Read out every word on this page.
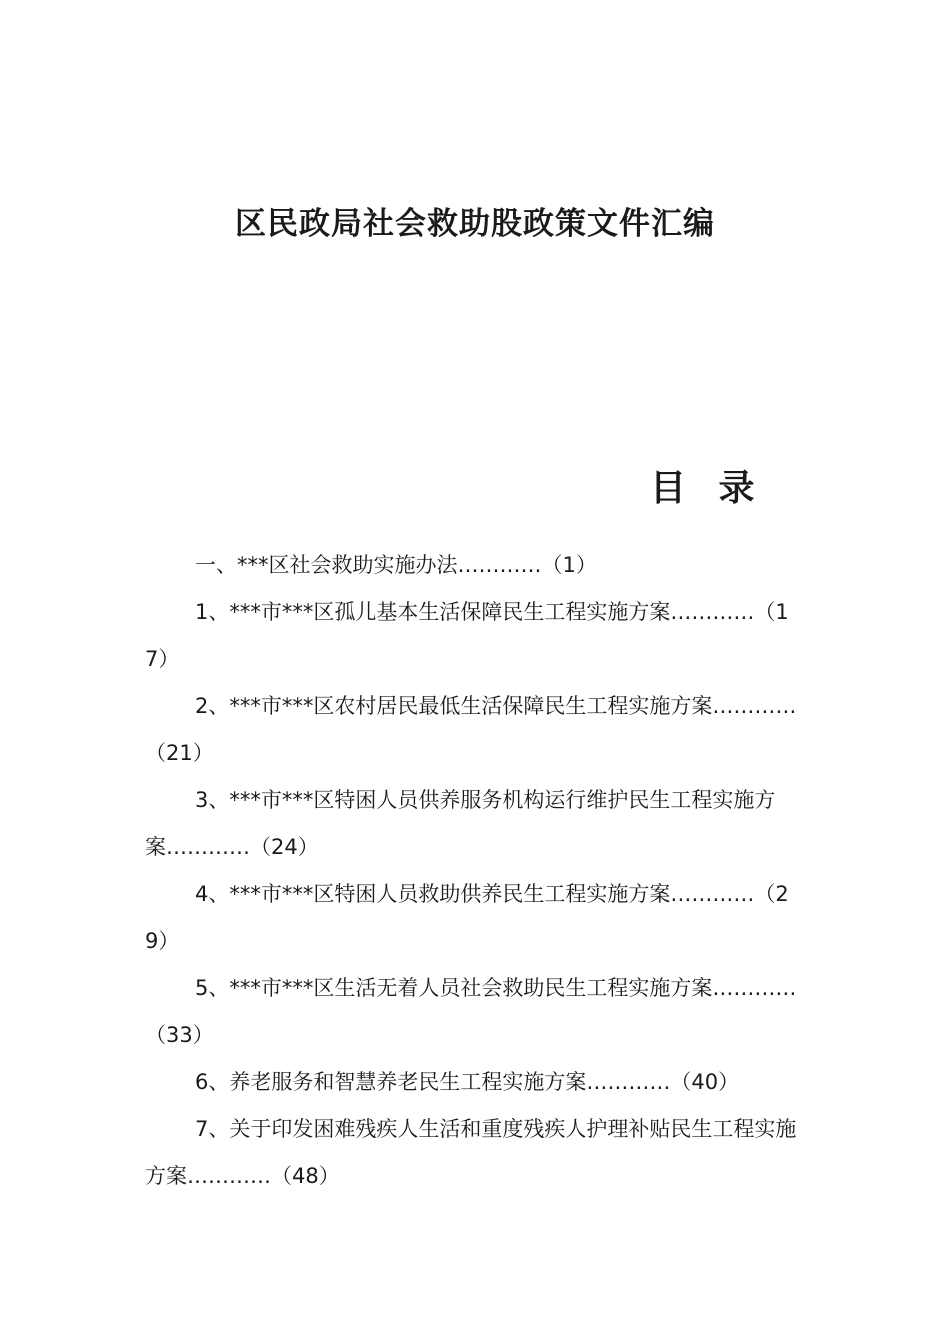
区民政局社会救助股政策文件汇编
目 录

一、***区社会救助实施办法…………（1）

1、***市***区孤儿基本生活保障民生工程实施方案…………（17）

2、***市***区农村居民最低生活保障民生工程实施方案…………（21）

3、***市***区特困人员供养服务机构运行维护民生工程实施方案…………（24）

4、***市***区特困人员救助供养民生工程实施方案…………（29）

5、***市***区生活无着人员社会救助民生工程实施方案…………（33）

6、养老服务和智慧养老民生工程实施方案…………（40）

7、关于印发困难残疾人生活和重度残疾人护理补贴民生工程实施方案…………（48）
